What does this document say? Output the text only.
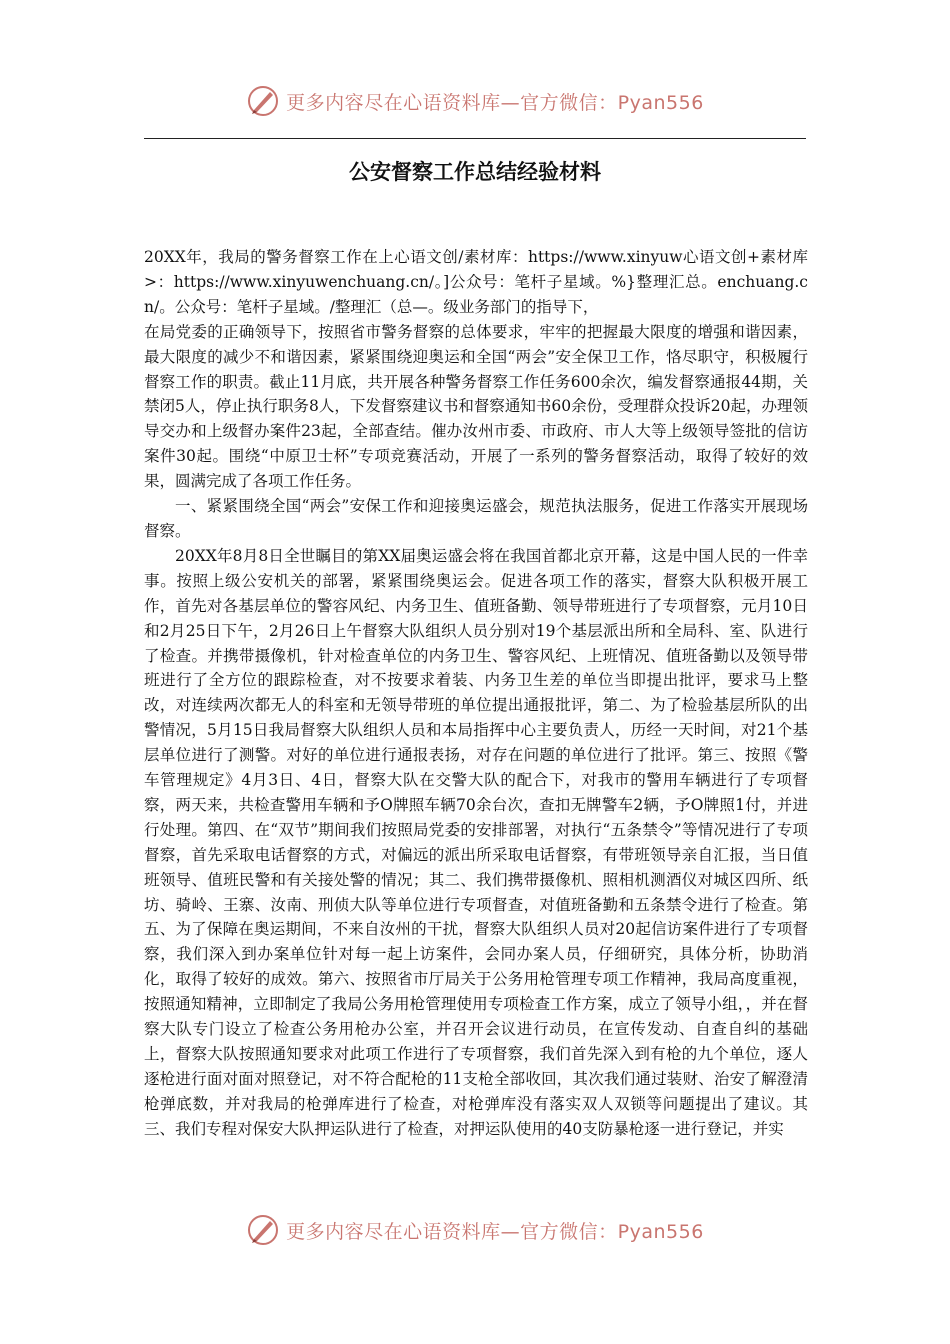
更多内容尽在心语资料库—官方微信：Pyan556
公安督察工作总结经验材料

20XX年，我局的警务督察工作在上心语文创/素材库：https://www.xinyuw心语文创+素材库>：https://www.xinyuwenchuang.cn/。]公众号：笔杆子星域。%}整理汇总。enchuang.cn/。公众号：笔杆子星域。/整理汇（总—。级业务部门的指导下，

在局党委的正确领导下，按照省市警务督察的总体要求，牢牢的把握最大限度的增强和谐因素，最大限度的减少不和谐因素，紧紧围绕迎奥运和全国“两会”安全保卫工作，恪尽职守，积极履行督察工作的职责。截止11月底，共开展各种警务督察工作任务600余次，编发督察通报44期，关禁闭5人，停止执行职务8人，下发督察建议书和督察通知书60余份，受理群众投诉20起，办理领导交办和上级督办案件23起，全部查结。催办汝州市委、市政府、市人大等上级领导签批的信访案件30起。围绕“中原卫士杯”专项竞赛活动，开展了一系列的警务督察活动，取得了较好的效果，圆满完成了各项工作任务。

一、紧紧围绕全国“两会”安保工作和迎接奥运盛会，规范执法服务，促进工作落实开展现场督察。

20XX年8月8日全世瞩目的第XX届奥运盛会将在我国首都北京开幕，这是中国人民的一件幸事。按照上级公安机关的部署，紧紧围绕奥运会。促进各项工作的落实，督察大队积极开展工作，首先对各基层单位的警容风纪、内务卫生、值班备勤、领导带班进行了专项督察，元月10日和2月25日下午，2月26日上午督察大队组织人员分别对19个基层派出所和全局科、室、队进行了检查。并携带摄像机，针对检查单位的内务卫生、警容风纪、上班情况、值班备勤以及领导带班进行了全方位的跟踪检查，对不按要求着装、内务卫生差的单位当即提出批评，要求马上整改，对连续两次都无人的科室和无领导带班的单位提出通报批评，第二、为了检验基层所队的出警情况，5月15日我局督察大队组织人员和本局指挥中心主要负责人，历经一天时间，对21个基层单位进行了测警。对好的单位进行通报表扬，对存在问题的单位进行了批评。第三、按照《警车管理规定》4月3日、4日，督察大队在交警大队的配合下，对我市的警用车辆进行了专项督察，两天来，共检查警用车辆和予O牌照车辆70余台次，查扣无牌警车2辆，予O牌照1付，并进行处理。第四、在“双节”期间我们按照局党委的安排部署，对执行“五条禁令”等情况进行了专项督察，首先采取电话督察的方式，对偏远的派出所采取电话督察，有带班领导亲自汇报，当日值班领导、值班民警和有关接处警的情况；其二、我们携带摄像机、照相机测酒仪对城区四所、纸坊、骑岭、王寨、汝南、刑侦大队等单位进行专项督查，对值班备勤和五条禁令进行了检查。第五、为了保障在奥运期间，不来自汝州的干扰，督察大队组织人员对20起信访案件进行了专项督察，我们深入到办案单位针对每一起上访案件，会同办案人员，仔细研究，具体分析，协助消化，取得了较好的成效。第六、按照省市厅局关于公务用枪管理专项工作精神，我局高度重视，按照通知精神，立即制定了我局公务用枪管理使用专项检查工作方案，成立了领导小组，，并在督察大队专门设立了检查公务用枪办公室，并召开会议进行动员，在宣传发动、自查自纠的基础上，督察大队按照通知要求对此项工作进行了专项督察，我们首先深入到有枪的九个单位，逐人逐枪进行面对面对照登记，对不符合配枪的11支枪全部收回，其次我们通过装财、治安了解澄清枪弹底数，并对我局的枪弹库进行了检查，对枪弹库没有落实双人双锁等问题提出了建议。其三、我们专程对保安大队押运队进行了检查，对押运队使用的40支防暴枪逐一进行登记，并实

更多内容尽在心语资料库—官方微信：Pyan556
